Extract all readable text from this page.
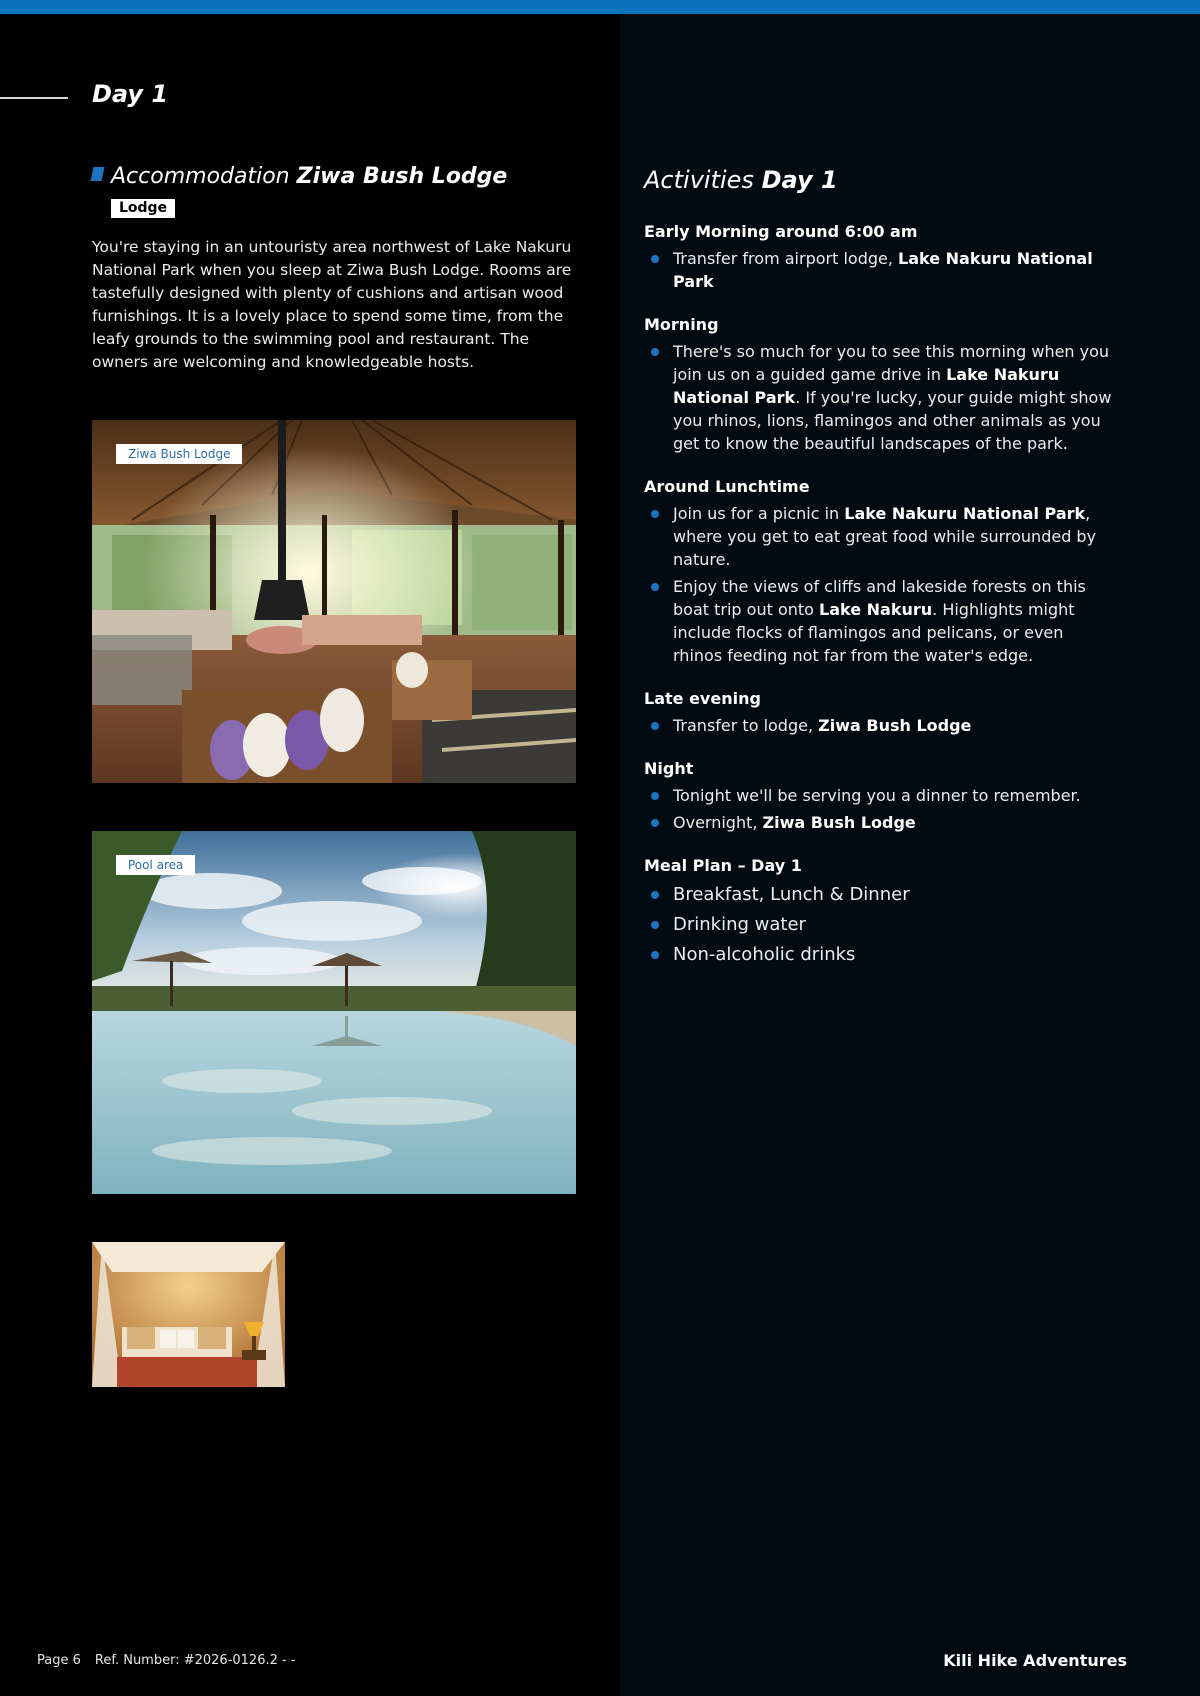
Day 1
Accommodation Ziwa Bush Lodge
Lodge

You're staying in an untouristy area northwest of Lake Nakuru National Park when you sleep at Ziwa Bush Lodge. Rooms are tastefully designed with plenty of cushions and artisan wood furnishings. It is a lovely place to spend some time, from the leafy grounds to the swimming pool and restaurant. The owners are welcoming and knowledgeable hosts.

Ziwa Bush Lodge
Pool area
Activities Day 1
Early Morning around 6:00 am
Transfer from airport lodge, Lake Nakuru National Park
Morning
There's so much for you to see this morning when you join us on a guided game drive in Lake Nakuru National Park. If you're lucky, your guide might show you rhinos, lions, flamingos and other animals as you get to know the beautiful landscapes of the park.
Around Lunchtime
Join us for a picnic in Lake Nakuru National Park, where you get to eat great food while surrounded by nature.
Enjoy the views of cliffs and lakeside forests on this boat trip out onto Lake Nakuru. Highlights might include flocks of flamingos and pelicans, or even rhinos feeding not far from the water's edge.
Late evening
Transfer to lodge, Ziwa Bush Lodge
Night
Tonight we'll be serving you a dinner to remember.
Overnight, Ziwa Bush Lodge
Meal Plan – Day 1
Breakfast, Lunch & Dinner
Drinking water
Non-alcoholic drinks
Page 6 Ref. Number: #2026-0126.2 - -	Kili Hike Adventures
